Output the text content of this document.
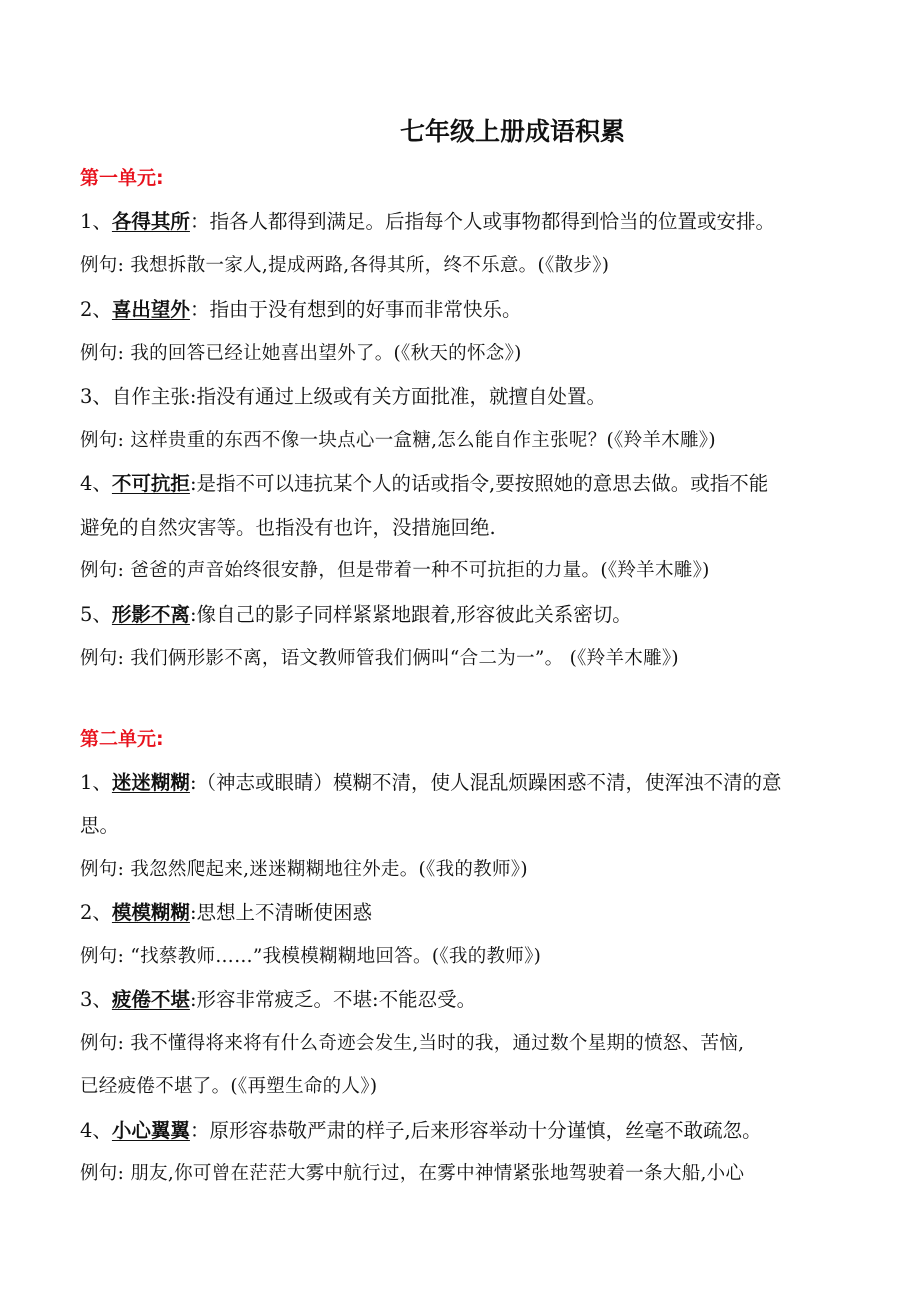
七年级上册成语积累
第一单元:
1、各得其所：指各人都得到满足。后指每个人或事物都得到恰当的位置或安排。
例句: 我想拆散一家人,提成两路,各得其所，终不乐意。(《散步》)
2、喜出望外：指由于没有想到的好事而非常快乐。
例句: 我的回答已经让她喜出望外了。(《秋天的怀念》)
3、自作主张:指没有通过上级或有关方面批准，就擅自处置。
例句: 这样贵重的东西不像一块点心一盒糖,怎么能自作主张呢？(《羚羊木雕》)
4、不可抗拒:是指不可以违抗某个人的话或指令,要按照她的意思去做。或指不能
避免的自然灾害等。也指没有也许，没措施回绝.
例句: 爸爸的声音始终很安静，但是带着一种不可抗拒的力量。(《羚羊木雕》)
5、形影不离:像自己的影子同样紧紧地跟着,形容彼此关系密切。
例句: 我们俩形影不离，语文教师管我们俩叫“合二为一”。 (《羚羊木雕》)
第二单元:
1、迷迷糊糊:（神志或眼睛）模糊不清，使人混乱烦躁困惑不清，使浑浊不清的意
思。
例句: 我忽然爬起来,迷迷糊糊地往外走。(《我的教师》)
2、模模糊糊:思想上不清晰使困惑
例句: “找蔡教师……”我模模糊糊地回答。(《我的教师》)
3、疲倦不堪:形容非常疲乏。不堪:不能忍受。
例句: 我不懂得将来将有什么奇迹会发生,当时的我，通过数个星期的愤怒、苦恼,
已经疲倦不堪了。(《再塑生命的人》)
4、小心翼翼：原形容恭敬严肃的样子,后来形容举动十分谨慎，丝毫不敢疏忽。
例句: 朋友,你可曾在茫茫大雾中航行过，在雾中神情紧张地驾驶着一条大船,小心
